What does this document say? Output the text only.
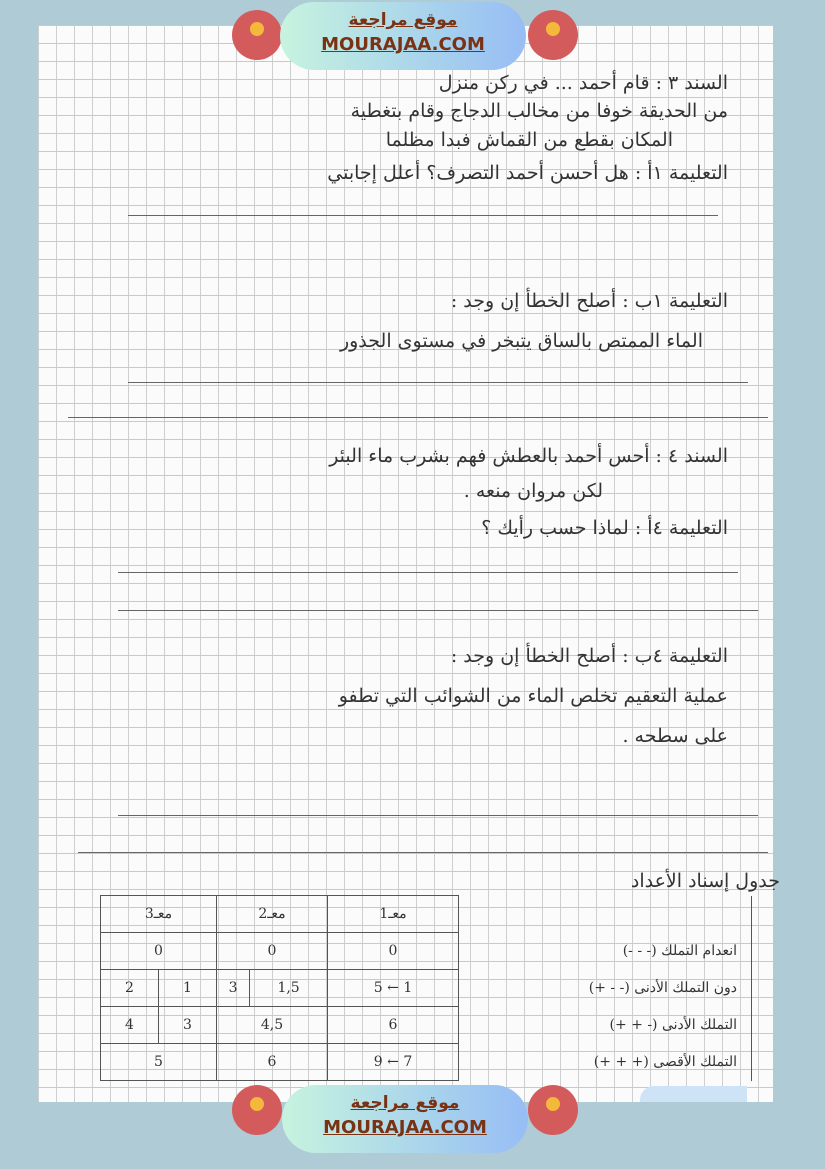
السند ٣ : قام أحمد ... في ركن منزل
من الحديقة خوفا من مخالب الدجاج وقام بتغطية
المكان بقطع من القماش فبدا مظلما
التعليمة ١أ : هل أحسن أحمد التصرف؟ أعلل إجابتي
التعليمة ١ب : أصلح الخطأ إن وجد :
الماء الممتص بالساق يتبخر في مستوى الجذور
السند ٤ : أحس أحمد بالعطش فهم بشرب ماء البئر
لكن مروان منعه .
التعليمة ٤أ : لماذا حسب رأيك ؟
التعليمة ٤ب : أصلح الخطأ إن وجد :
عملية التعقيم تخلص الماء من الشوائب التي تطفو
على سطحه .
جدول إسناد الأعداد
	معـ1	معـ2		معـ3	
انعدام التملك (- - -)	0	0		0	
دون التملك الأدنى (- - +)	1 ← 5	1,5	3	1	2
التملك الأدنى (- + +)	6	4,5		3	4
التملك الأقصى (+ + +)	7 ← 9	6		5	
موقع مراجعة
MOURAJAA.COM
موقع مراجعة
MOURAJAA.COM
